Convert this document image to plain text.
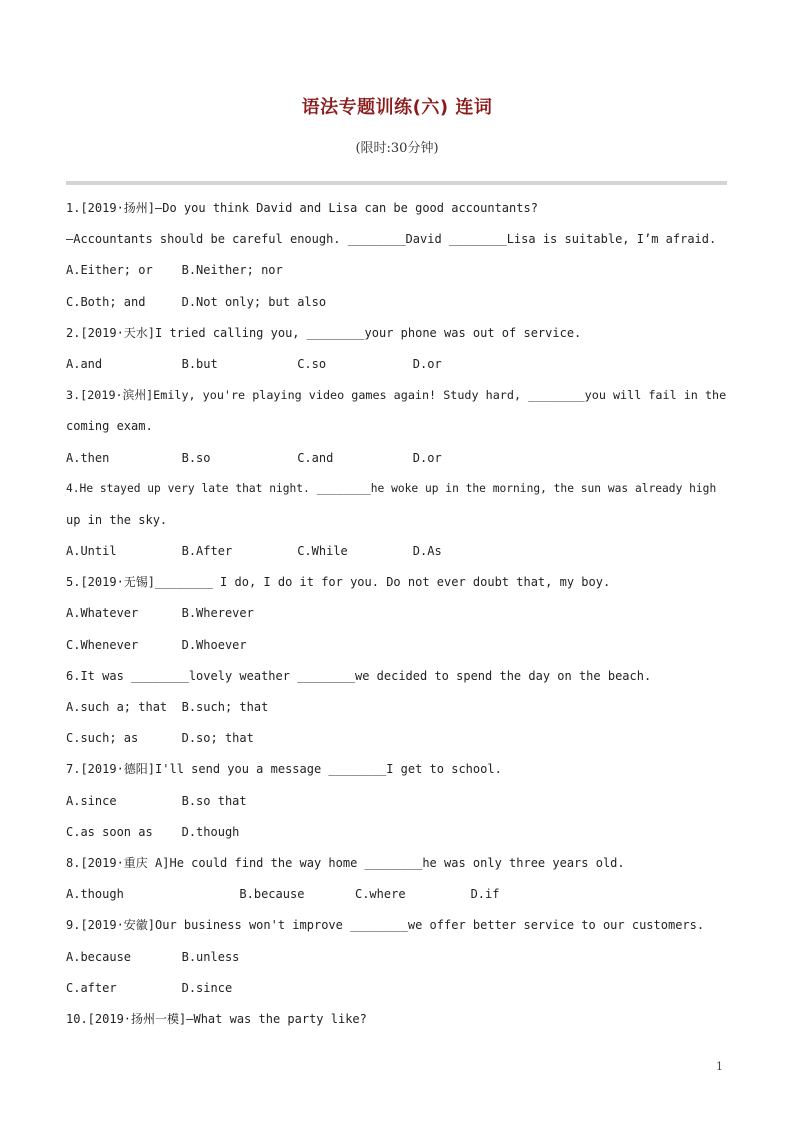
语法专题训练(六) 连词
(限时:30分钟)
1.[2019·扬州]—Do you think David and Lisa can be good accountants?
—Accountants should be careful enough. ________David ________Lisa is suitable, I’m afraid.
A.Either; or    B.Neither; nor
C.Both; and     D.Not only; but also
2.[2019·天水]I tried calling you, ________your phone was out of service.
A.and           B.but           C.so            D.or
3.[2019·滨州]Emily, you're playing video games again! Study hard, ________you will fail in the
coming exam.
A.then          B.so            C.and           D.or
4.He stayed up very late that night. ________he woke up in the morning, the sun was already high
up in the sky.
A.Until         B.After         C.While         D.As
5.[2019·无锡]________ I do, I do it for you. Do not ever doubt that, my boy.
A.Whatever      B.Wherever
C.Whenever      D.Whoever
6.It was ________lovely weather ________we decided to spend the day on the beach.
A.such a; that  B.such; that
C.such; as      D.so; that
7.[2019·德阳]I'll send you a message ________I get to school.
A.since         B.so that
C.as soon as    D.though
8.[2019·重庆 A]He could find the way home ________he was only three years old.
A.though                B.because       C.where         D.if
9.[2019·安徽]Our business won't improve ________we offer better service to our customers.
A.because       B.unless
C.after         D.since
10.[2019·扬州一模]—What was the party like?
1
